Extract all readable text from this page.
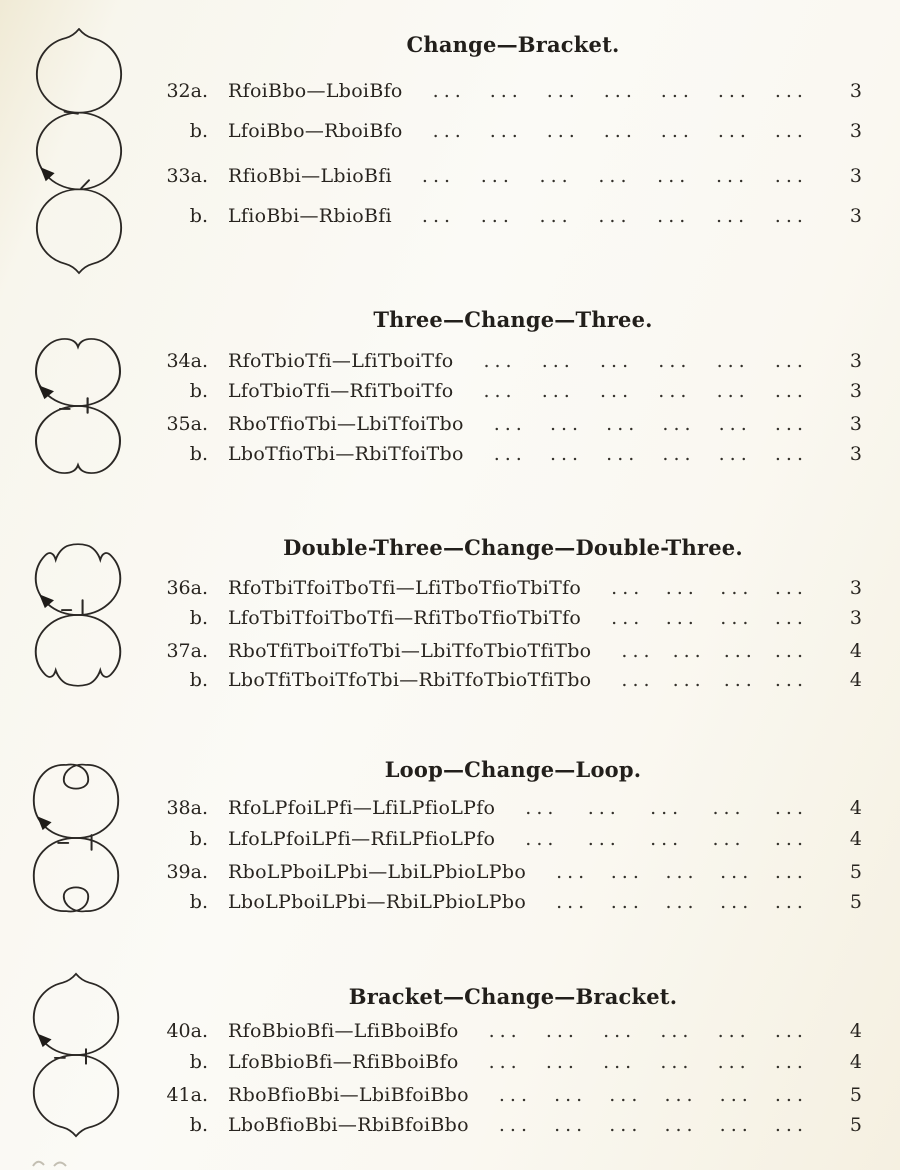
Change—Bracket.
32a. RfoiBbo—LboiBfo ... ... ... ... ... ... ...	3
b. LfoiBbo—RboiBfo ... ... ... ... ... ... ...	3
33a. RfioBbi—LbioBfi ... ... ... ... ... ... ...	3
b. LfioBbi—RbioBfi ... ... ... ... ... ... ...	3
Three—Change—Three.
34a. RfoTbioTfi—LfiTboiTfo ... ... ... ... ... ...	3
b. LfoTbioTfi—RfiTboiTfo ... ... ... ... ... ...	3
35a. RboTfioTbi—LbiTfoiTbo ... ... ... ... ... ...	3
b. LboTfioTbi—RbiTfoiTbo ... ... ... ... ... ...	3
Double-Three—Change—Double-Three.
36a. RfoTbiTfoiTboTfi—LfiTboTfioTbiTfo ... ... ... ...	3
b. LfoTbiTfoiTboTfi—RfiTboTfioTbiTfo ... ... ... ...	3
37a. RboTfiTboiTfoTbi—LbiTfoTbioTfiTbo ... ... ... ...	4
b. LboTfiTboiTfoTbi—RbiTfoTbioTfiTbo ... ... ... ...	4
Loop—Change—Loop.
38a. RfoLPfoiLPfi—LfiLPfioLPfo ... ... ... ... ...	4
b. LfoLPfoiLPfi—RfiLPfioLPfo ... ... ... ... ...	4
39a. RboLPboiLPbi—LbiLPbioLPbo ... ... ... ... ...	5
b. LboLPboiLPbi—RbiLPbioLPbo ... ... ... ... ...	5
Bracket—Change—Bracket.
40a. RfoBbioBfi—LfiBboiBfo ... ... ... ... ... ...	4
b. LfoBbioBfi—RfiBboiBfo ... ... ... ... ... ...	4
41a. RboBfioBbi—LbiBfoiBbo ... ... ... ... ... ...	5
b. LboBfioBbi—RbiBfoiBbo ... ... ... ... ... ...	5
